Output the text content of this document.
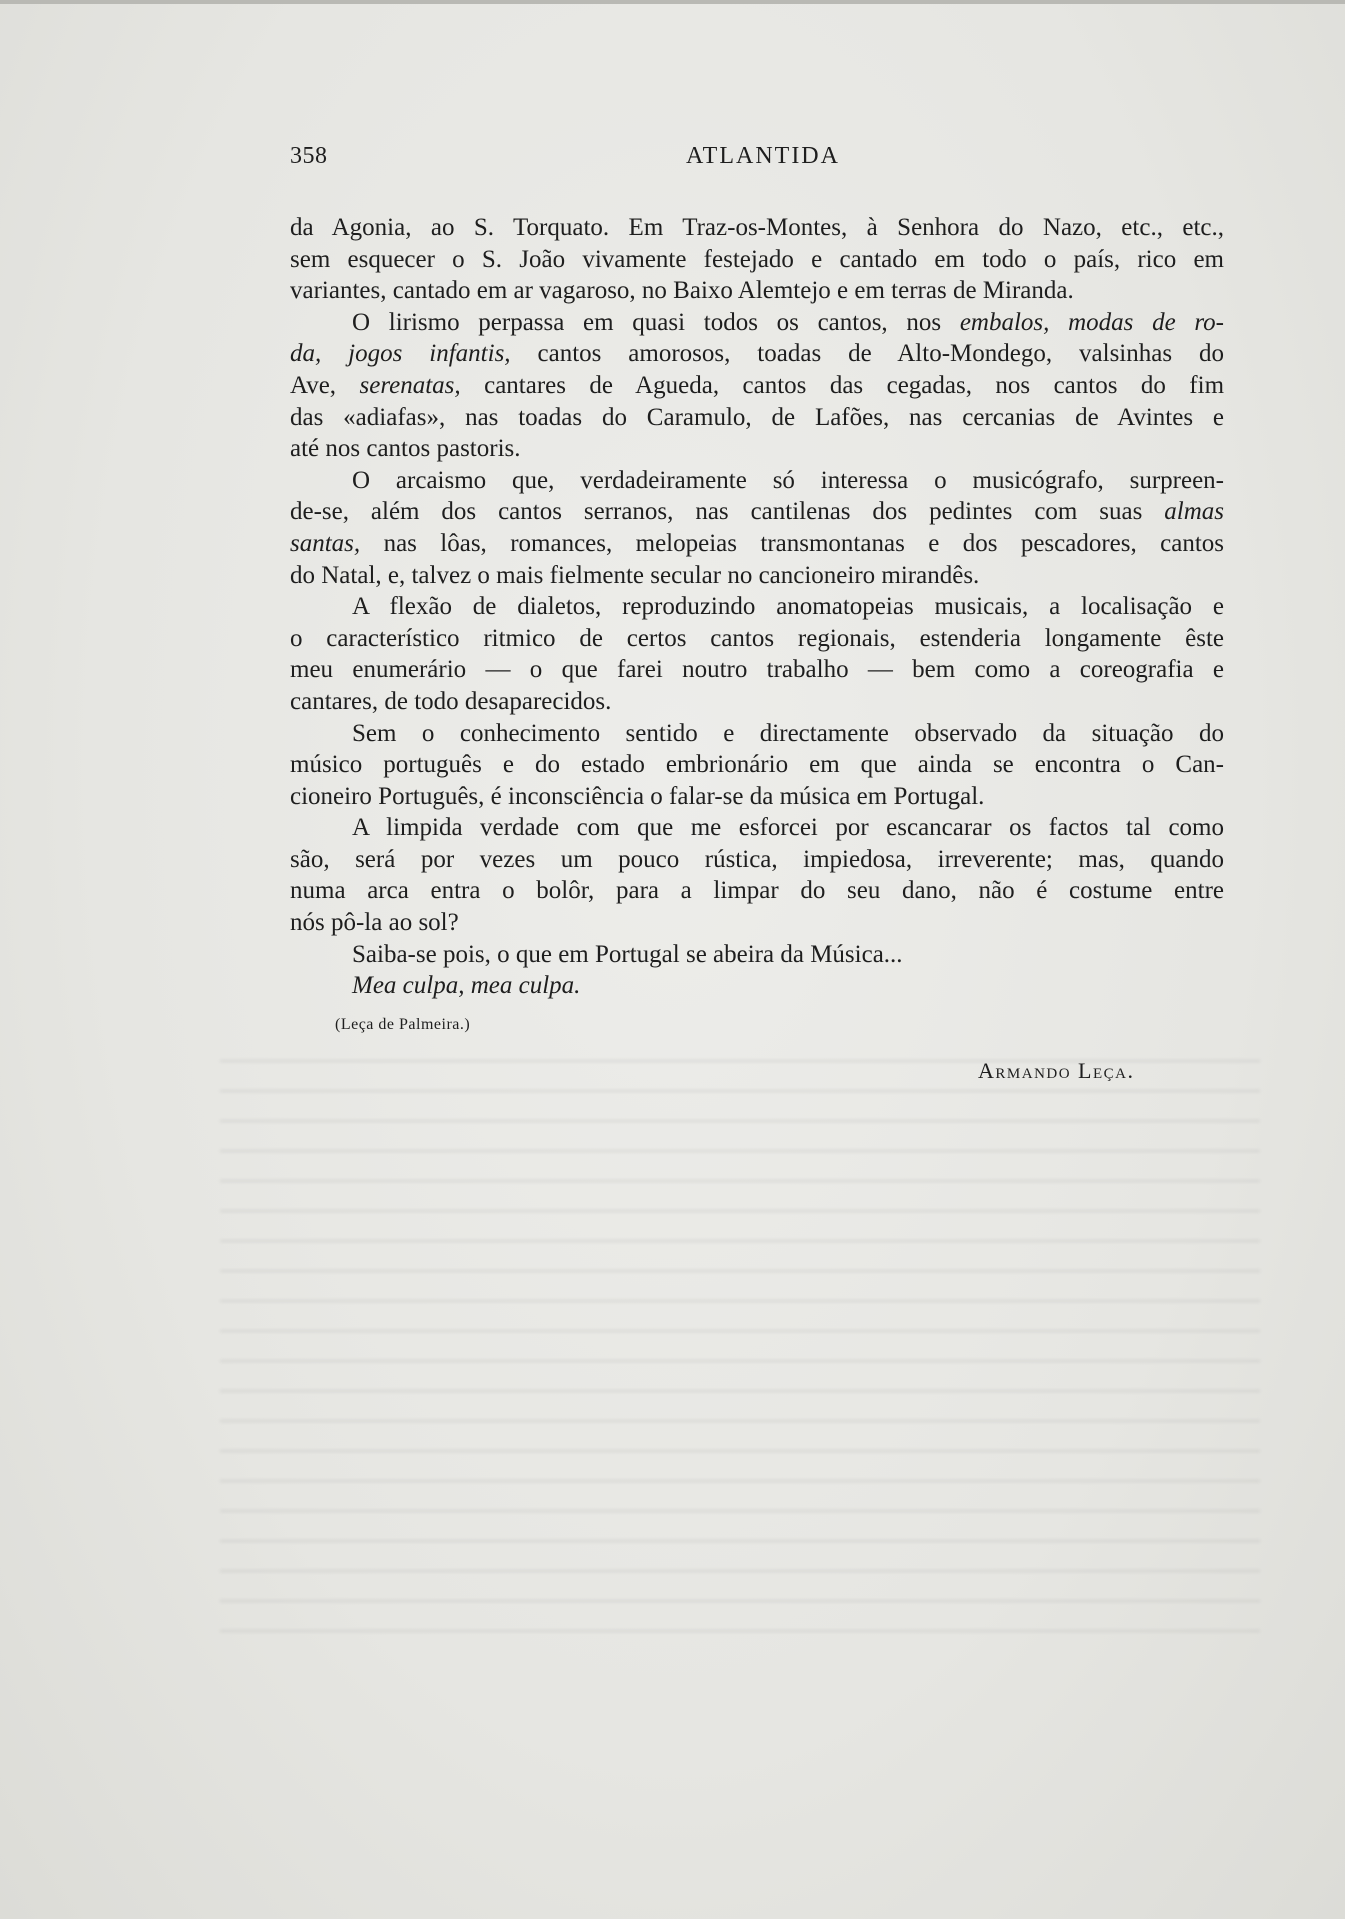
358	ATLANTIDA
da Agonia, ao S. Torquato. Em Traz-os-Montes, à Senhora do Nazo, etc., etc.,
sem esquecer o S. João vivamente festejado e cantado em todo o país, rico em
variantes, cantado em ar vagaroso, no Baixo Alemtejo e em terras de Miranda.
O lirismo perpassa em quasi todos os cantos, nos embalos, modas de ro-
da, jogos infantis, cantos amorosos, toadas de Alto-Mondego, valsinhas do
Ave, serenatas, cantares de Agueda, cantos das cegadas, nos cantos do fim
das «adiafas», nas toadas do Caramulo, de Lafões, nas cercanias de Avintes e
até nos cantos pastoris.
O arcaismo que, verdadeiramente só interessa o musicógrafo, surpreen-
de-se, além dos cantos serranos, nas cantilenas dos pedintes com suas almas
santas, nas lôas, romances, melopeias transmontanas e dos pescadores, cantos
do Natal, e, talvez o mais fielmente secular no cancioneiro mirandês.
A flexão de dialetos, reproduzindo anomatopeias musicais, a localisação e
o característico ritmico de certos cantos regionais, estenderia longamente êste
meu enumerário — o que farei noutro trabalho — bem como a coreografia e
cantares, de todo desaparecidos.
Sem o conhecimento sentido e directamente observado da situação do
músico português e do estado embrionário em que ainda se encontra o Can-
cioneiro Português, é inconsciência o falar-se da música em Portugal.
A limpida verdade com que me esforcei por escancarar os factos tal como
são, será por vezes um pouco rústica, impiedosa, irreverente; mas, quando
numa arca entra o bolôr, para a limpar do seu dano, não é costume entre
nós pô-la ao sol?
Saiba-se pois, o que em Portugal se abeira da Música...
Mea culpa, mea culpa.
(Leça de Palmeira.)
Armando Leça.
